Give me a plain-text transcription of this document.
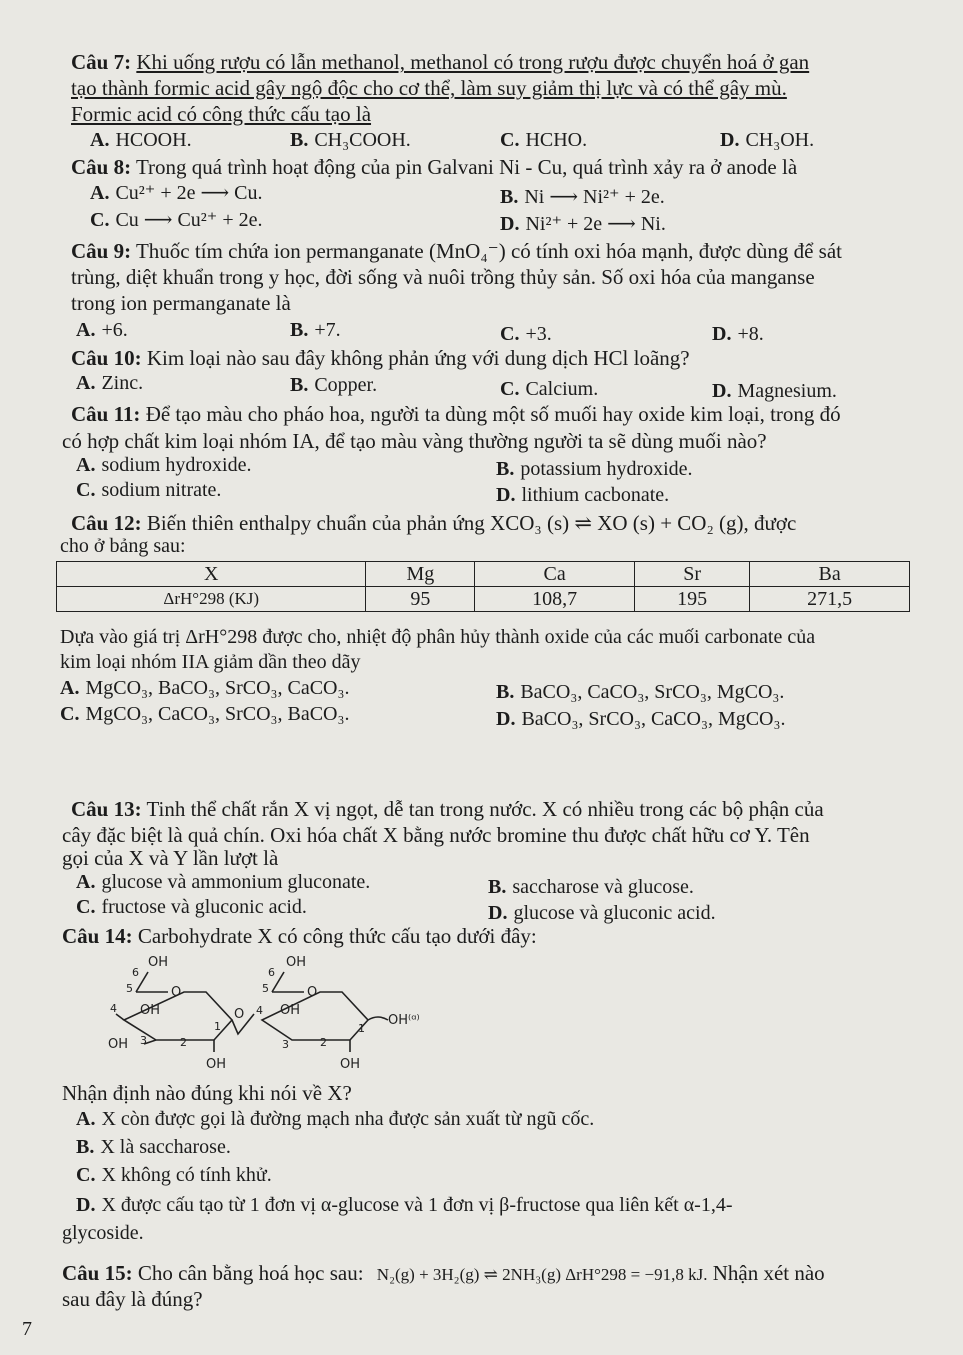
Câu 7: Khi uống rượu có lẫn methanol, methanol có trong rượu được chuyển hoá ở gan
tạo thành formic acid gây ngộ độc cho cơ thể, làm suy giảm thị lực và có thể gây mù.
Formic acid có công thức cấu tạo là
A. HCOOH.	B. CH₃COOH.	C. HCHO.	D. CH₃OH.
Câu 8: Trong quá trình hoạt động của pin Galvani Ni - Cu, quá trình xảy ra ở anode là
A. Cu²⁺ + 2e ⟶ Cu.	B. Ni ⟶ Ni²⁺ + 2e.
C. Cu ⟶ Cu²⁺ + 2e.	D. Ni²⁺ + 2e ⟶ Ni.
Câu 9: Thuốc tím chứa ion permanganate (MnO₄⁻) có tính oxi hóa mạnh, được dùng để sát
trùng, diệt khuẩn trong y học, đời sống và nuôi trồng thủy sản. Số oxi hóa của manganse
trong ion permanganate là
A. +6.	B. +7.	C. +3.	D. +8.
Câu 10: Kim loại nào sau đây không phản ứng với dung dịch HCl loãng?
A. Zinc.	B. Copper.	C. Calcium.	D. Magnesium.
Câu 11: Để tạo màu cho pháo hoa, người ta dùng một số muối hay oxide kim loại, trong đó
có hợp chất kim loại nhóm IA, để tạo màu vàng thường người ta sẽ dùng muối nào?
A. sodium hydroxide.	B. potassium hydroxide.
C. sodium nitrate.	D. lithium cacbonate.
Câu 12: Biến thiên enthalpy chuẩn của phản ứng XCO₃ (s) ⇌ XO (s) + CO₂ (g), được
cho ở bảng sau:
X	Mg	Ca	Sr	Ba
ΔrH°298 (KJ)	95	108,7	195	271,5
Dựa vào giá trị ΔrH°298 được cho, nhiệt độ phân hủy thành oxide của các muối carbonate của
kim loại nhóm IIA giảm dần theo dãy
A. MgCO₃, BaCO₃, SrCO₃, CaCO₃.	B. BaCO₃, CaCO₃, SrCO₃, MgCO₃.
C. MgCO₃, CaCO₃, SrCO₃, BaCO₃.	D. BaCO₃, SrCO₃, CaCO₃, MgCO₃.
Câu 13: Tinh thể chất rắn X vị ngọt, dễ tan trong nước. X có nhiều trong các bộ phận của
cây đặc biệt là quả chín. Oxi hóa chất X bằng nước bromine thu được chất hữu cơ Y. Tên
gọi của X và Y lần lượt là
A. glucose và ammonium gluconate.	B. saccharose và glucose.
C. fructose và gluconic acid.	D. glucose và gluconic acid.
Câu 14: Carbohydrate X có công thức cấu tạo dưới đây:
OH
6
5	O
4 OH
1
OH 3	2
OH
O
OH
6
5	O
4 OH
1
OH⁽ᵅ⁾
3	2
OH
Nhận định nào đúng khi nói về X?
A. X còn được gọi là đường mạch nha được sản xuất từ ngũ cốc.
B. X là saccharose.
C. X không có tính khử.
D. X được cấu tạo từ 1 đơn vị α-glucose và 1 đơn vị β-fructose qua liên kết α-1,4-
glycoside.
Câu 15: Cho cân bằng hoá học sau: N₂(g) + 3H₂(g) ⇌ 2NH₃(g) ΔrH°298 = −91,8 kJ. Nhận xét nào
sau đây là đúng?
7
